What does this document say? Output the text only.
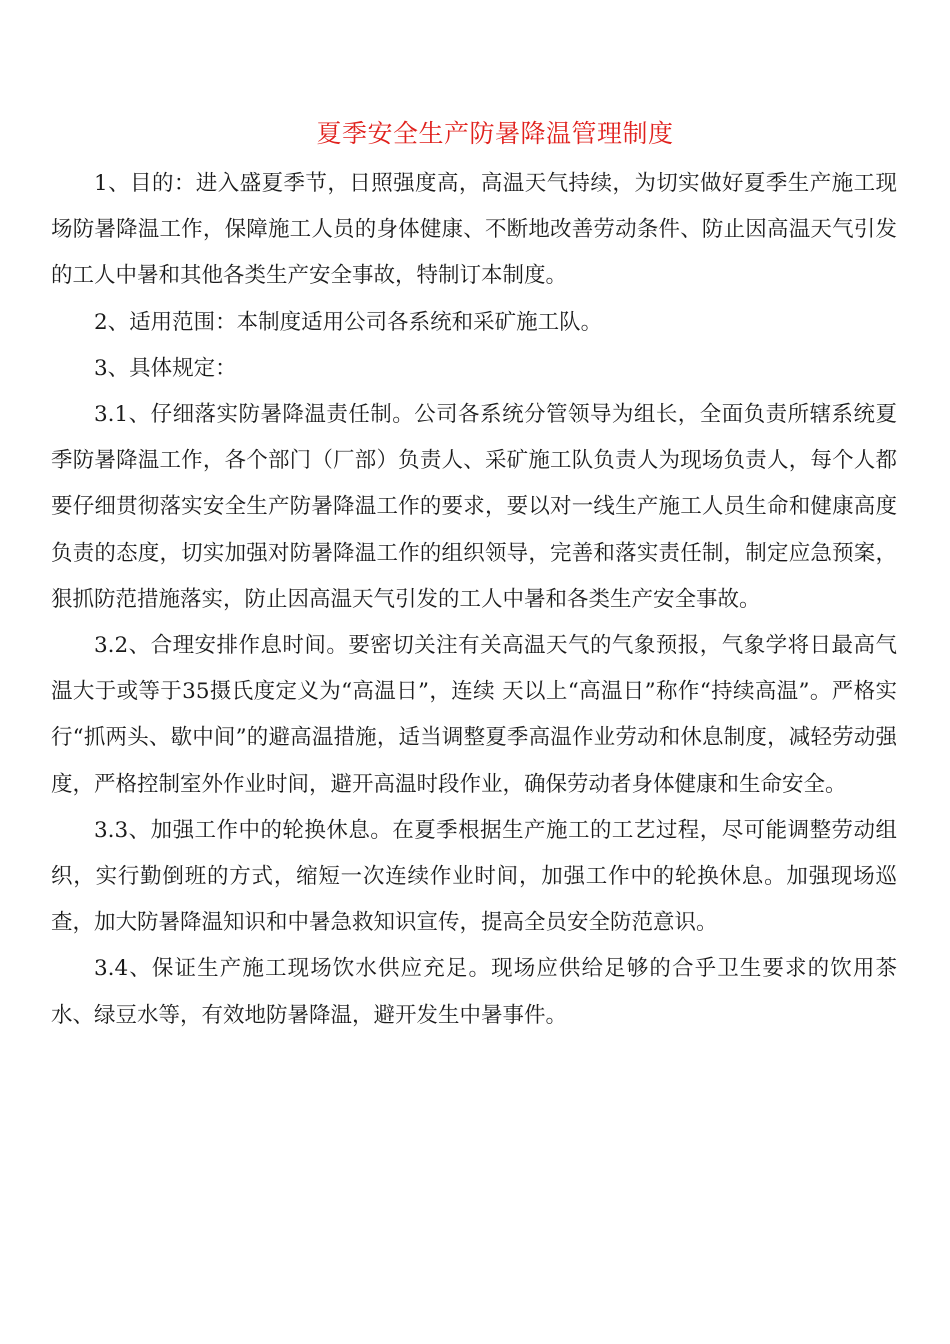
夏季安全生产防暑降温管理制度

1、目的：进入盛夏季节，日照强度高，高温天气持续，为切实做好夏季生产施工现场防暑降温工作，保障施工人员的身体健康、不断地改善劳动条件、防止因高温天气引发的工人中暑和其他各类生产安全事故，特制订本制度。

2、适用范围：本制度适用公司各系统和采矿施工队。

3、具体规定：

3.1、仔细落实防暑降温责任制。公司各系统分管领导为组长，全面负责所辖系统夏季防暑降温工作，各个部门（厂部）负责人、采矿施工队负责人为现场负责人，每个人都要仔细贯彻落实安全生产防暑降温工作的要求，要以对一线生产施工人员生命和健康高度负责的态度，切实加强对防暑降温工作的组织领导，完善和落实责任制，制定应急预案，狠抓防范措施落实，防止因高温天气引发的工人中暑和各类生产安全事故。

3.2、合理安排作息时间。要密切关注有关高温天气的气象预报，气象学将日最高气温大于或等于35摄氏度定义为“高温日”，连续 天以上“高温日”称作“持续高温”。严格实行“抓两头、歇中间”的避高温措施，适当调整夏季高温作业劳动和休息制度，减轻劳动强度，严格控制室外作业时间，避开高温时段作业，确保劳动者身体健康和生命安全。

3.3、加强工作中的轮换休息。在夏季根据生产施工的工艺过程，尽可能调整劳动组织，实行勤倒班的方式，缩短一次连续作业时间，加强工作中的轮换休息。加强现场巡查，加大防暑降温知识和中暑急救知识宣传，提高全员安全防范意识。

3.4、保证生产施工现场饮水供应充足。现场应供给足够的合乎卫生要求的饮用茶水、绿豆水等，有效地防暑降温，避开发生中暑事件。
